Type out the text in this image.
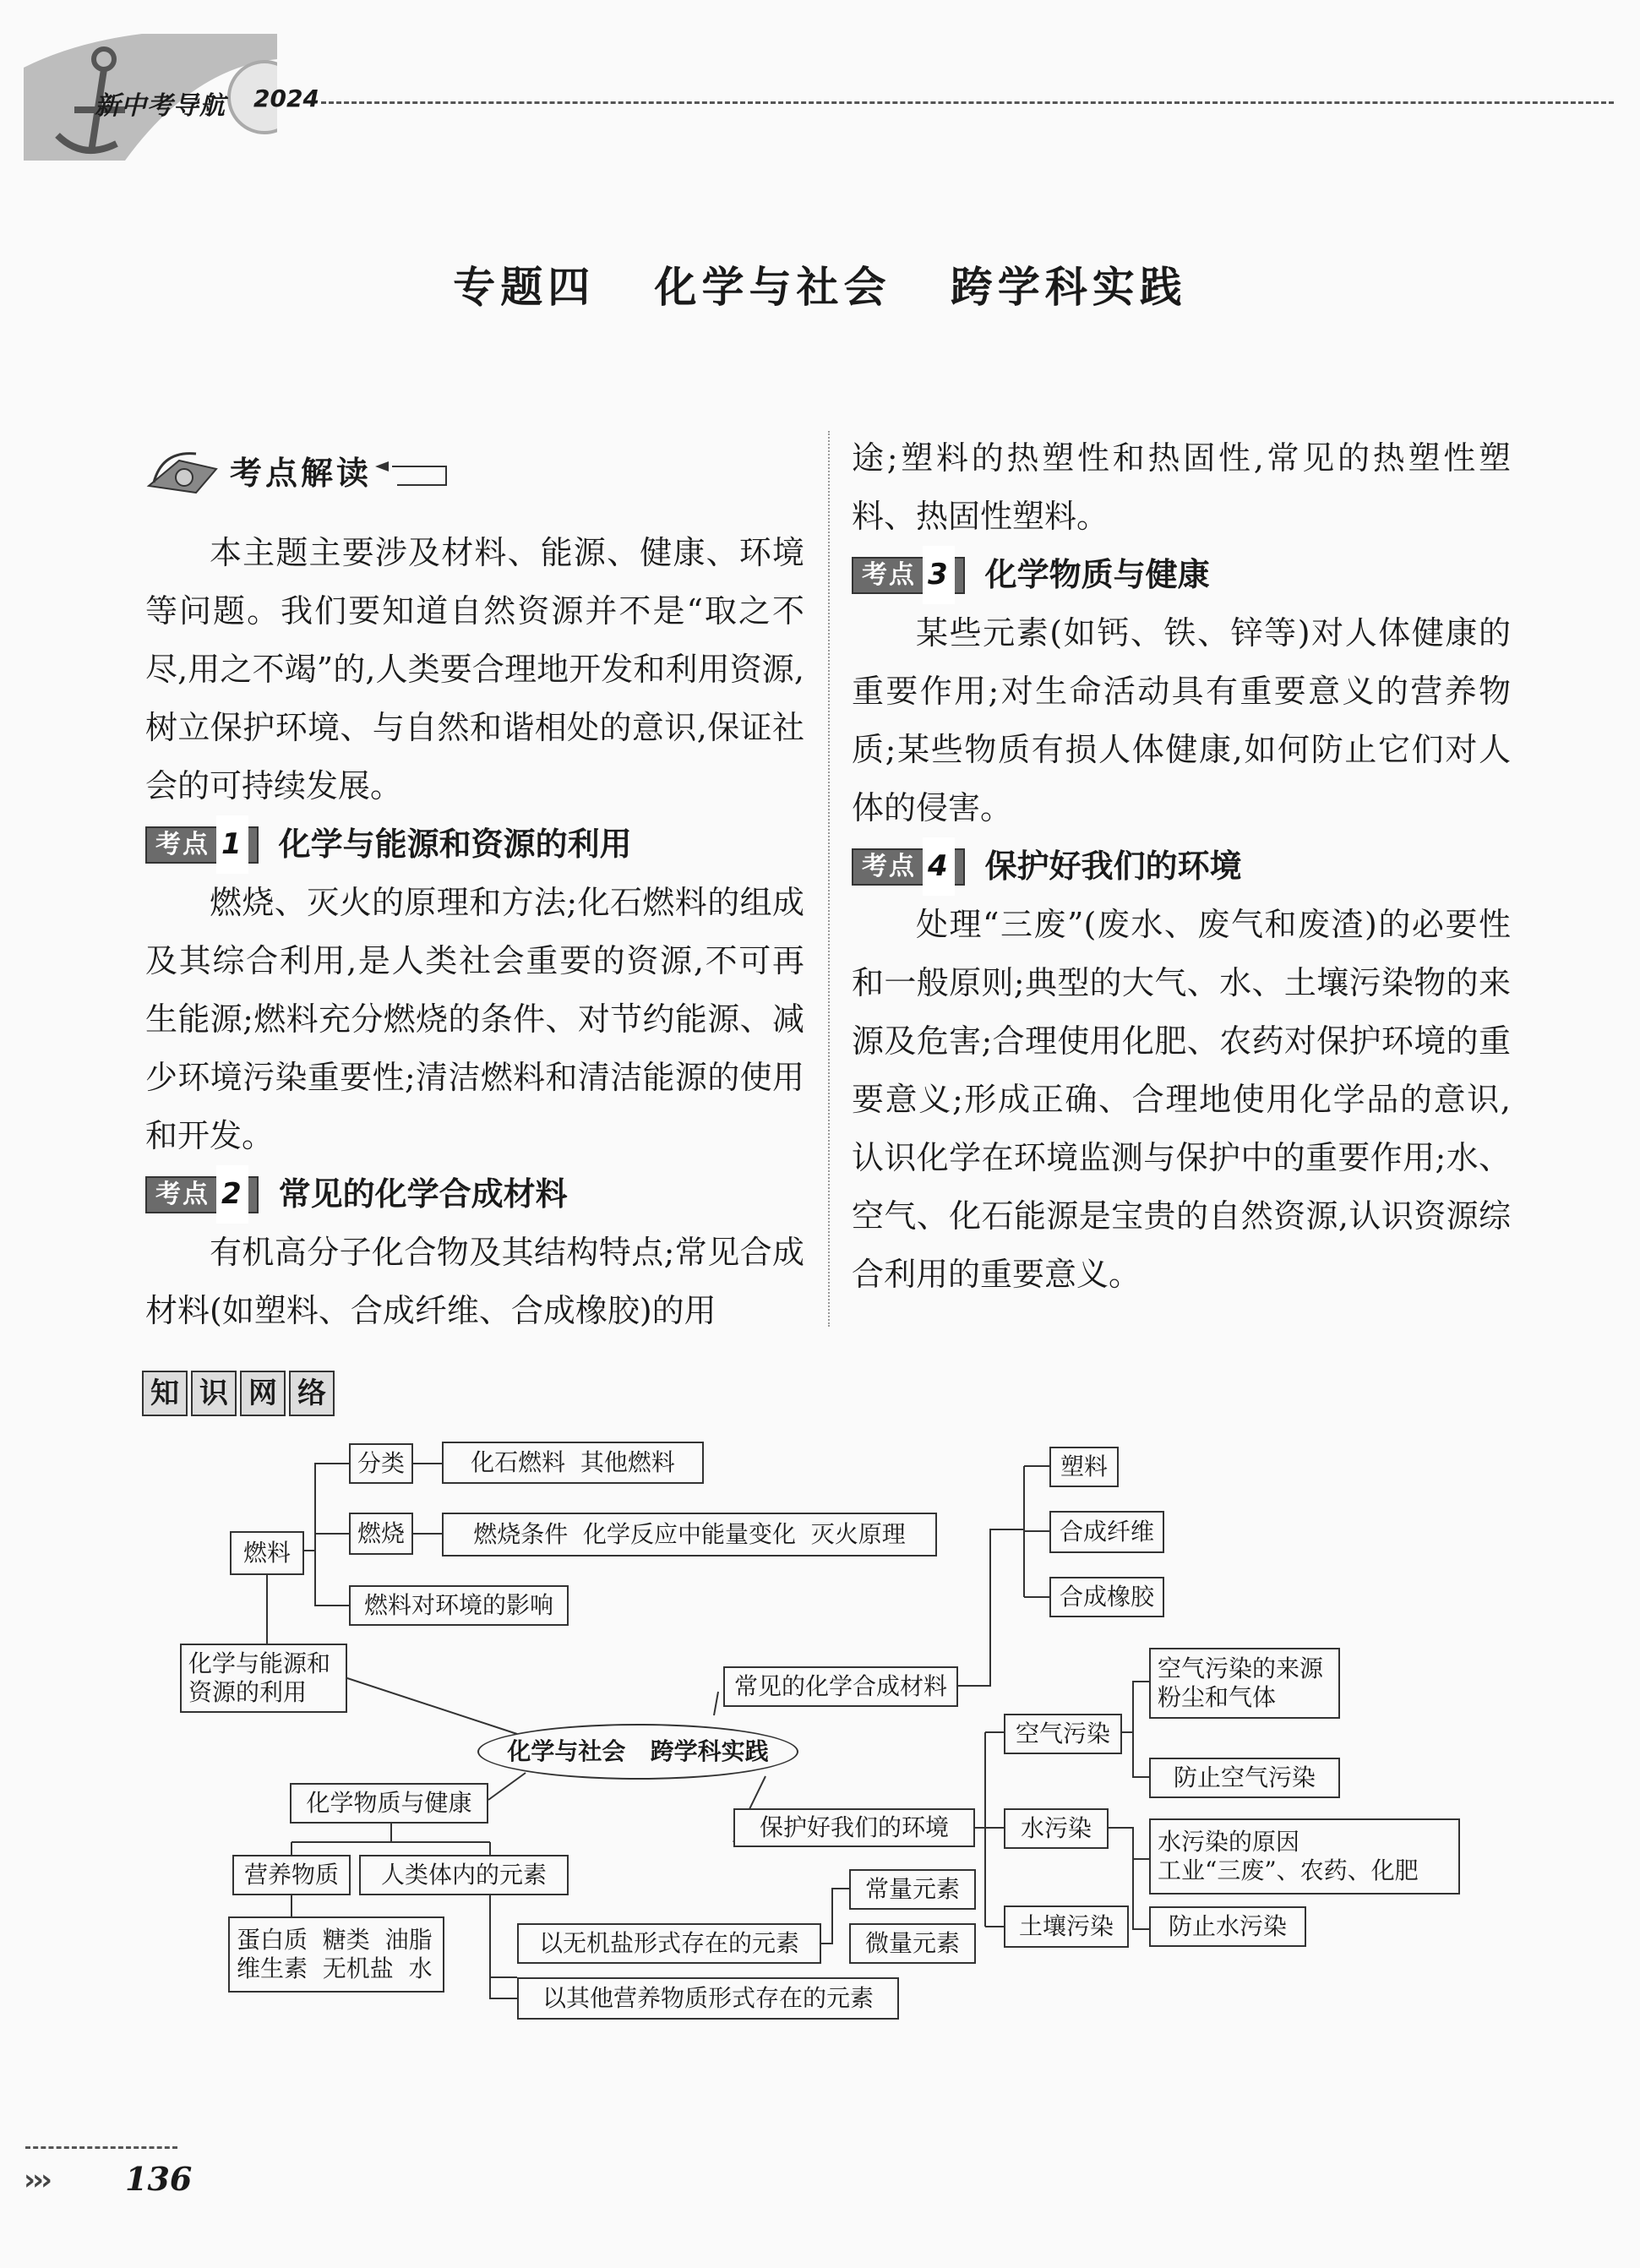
新中考导航 2024
专题四   化学与社会   跨学科实践
考点解读

本主题主要涉及材料、能源、健康、环境等问题。我们要知道自然资源并不是“取之不尽,用之不竭”的,人类要合理地开发和利用资源,树立保护环境、与自然和谐相处的意识,保证社会的可持续发展。

考点 1 化学与能源和资源的利用

燃烧、灭火的原理和方法;化石燃料的组成及其综合利用,是人类社会重要的资源,不可再生能源;燃料充分燃烧的条件、对节约能源、减少环境污染重要性;清洁燃料和清洁能源的使用和开发。

考点 2 常见的化学合成材料

有机高分子化合物及其结构特点;常见合成材料(如塑料、合成纤维、合成橡胶)的用

途;塑料的热塑性和热固性,常见的热塑性塑料、热固性塑料。

考点 3 化学物质与健康

某些元素(如钙、铁、锌等)对人体健康的重要作用;对生命活动具有重要意义的营养物质;某些物质有损人体健康,如何防止它们对人体的侵害。

考点 4 保护好我们的环境

处理“三废”(废水、废气和废渣)的必要性和一般原则;典型的大气、水、土壤污染物的来源及危害;合理使用化肥、农药对保护环境的重要意义;形成正确、合理地使用化学品的意识,认识化学在环境监测与保护中的重要作用;水、空气、化石能源是宝贵的自然资源,认识资源综合利用的重要意义。

知 识 网 络
化学与社会   跨学科实践
化学与能源和
资源的利用
燃料
分类	化石燃料  其他燃料
燃烧	燃烧条件  化学反应中能量变化  灭火原理
燃料对环境的影响
常见的化学合成材料
塑料
合成纤维
合成橡胶
化学物质与健康
营养物质
蛋白质  糖类  油脂
维生素  无机盐  水
人类体内的元素
以无机盐形式存在的元素
常量元素
微量元素
以其他营养物质形式存在的元素
保护好我们的环境
空气污染
空气污染的来源
粉尘和气体
防止空气污染
水污染	水污染的原因
工业“三废”、农药、化肥
防止水污染
土壤污染
››› 136
